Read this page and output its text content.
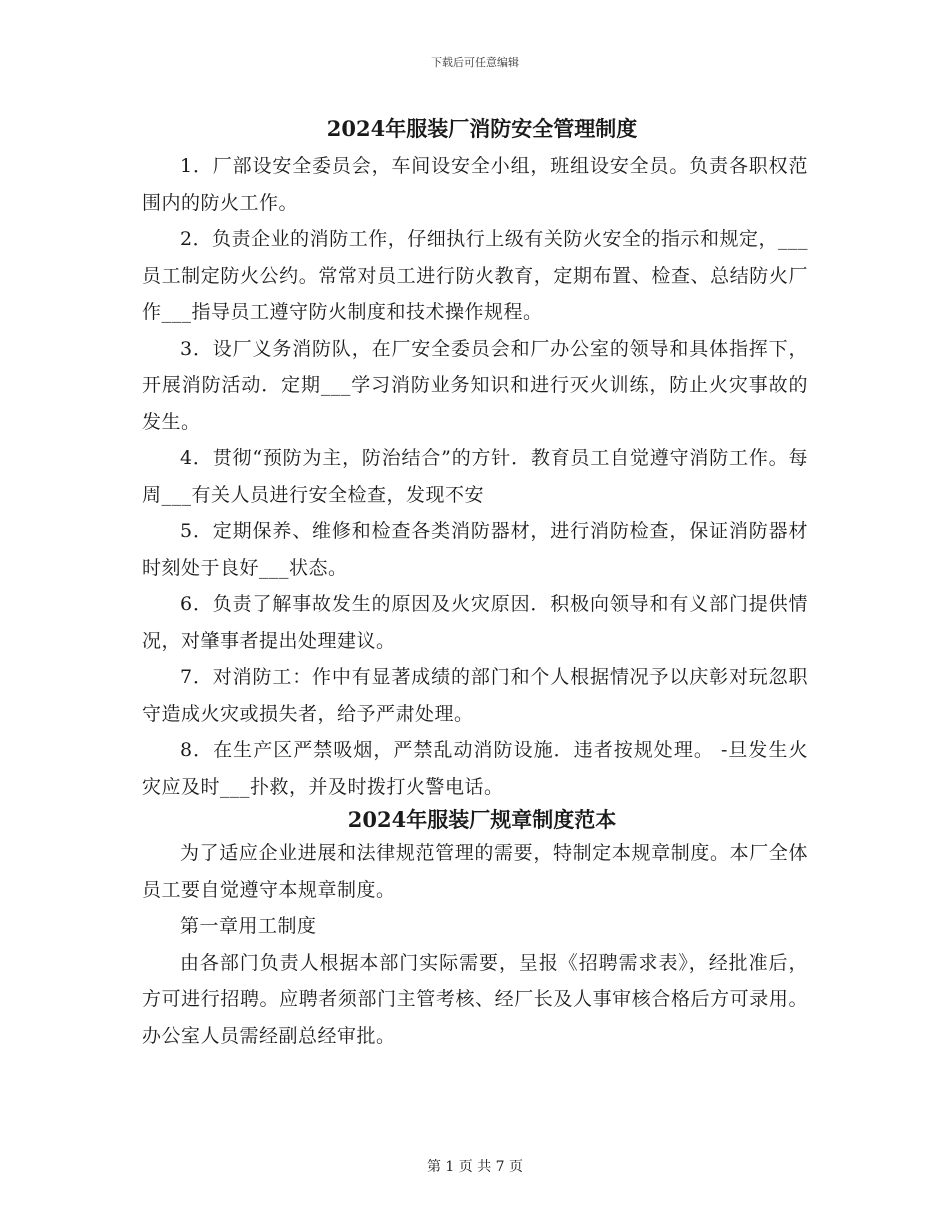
下载后可任意编辑
2024年服装厂消防安全管理制度

1．厂部设安全委员会，车间设安全小组，班组设安全员。负责各职权范围内的防火工作。

2．负责企业的消防工作，仔细执行上级有关防火安全的指示和规定，___员工制定防火公约。常常对员工进行防火教育，定期布置、检查、总结防火厂作___指导员工遵守防火制度和技术操作规程。

3．设厂义务消防队，在厂安全委员会和厂办公室的领导和具体指挥下，开展消防活动．定期___学习消防业务知识和进行灭火训练，防止火灾事故的发生。

4．贯彻“预防为主，防治结合”的方针．教育员工自觉遵守消防工作。每周___有关人员进行安全检查，发现不安

5．定期保养、维修和检查各类消防器材，进行消防检查，保证消防器材时刻处于良好___状态。

6．负责了解事故发生的原因及火灾原因．积极向领导和有义部门提供情况，对肇事者提出处理建议。

7．对消防工：作中有显著成绩的部门和个人根据情况予以庆彰对玩忽职守造成火灾或损失者，给予严肃处理。

8．在生产区严禁吸烟，严禁乱动消防设施．违者按规处理。 -旦发生火灾应及时___扑救，并及时拨打火警电话。

2024年服装厂规章制度范本

为了适应企业进展和法律规范管理的需要，特制定本规章制度。本厂全体员工要自觉遵守本规章制度。

第一章用工制度

由各部门负责人根据本部门实际需要，呈报《招聘需求表》，经批准后，方可进行招聘。应聘者须部门主管考核、经厂长及人事审核合格后方可录用。办公室人员需经副总经审批。

第 1 页 共 7 页
